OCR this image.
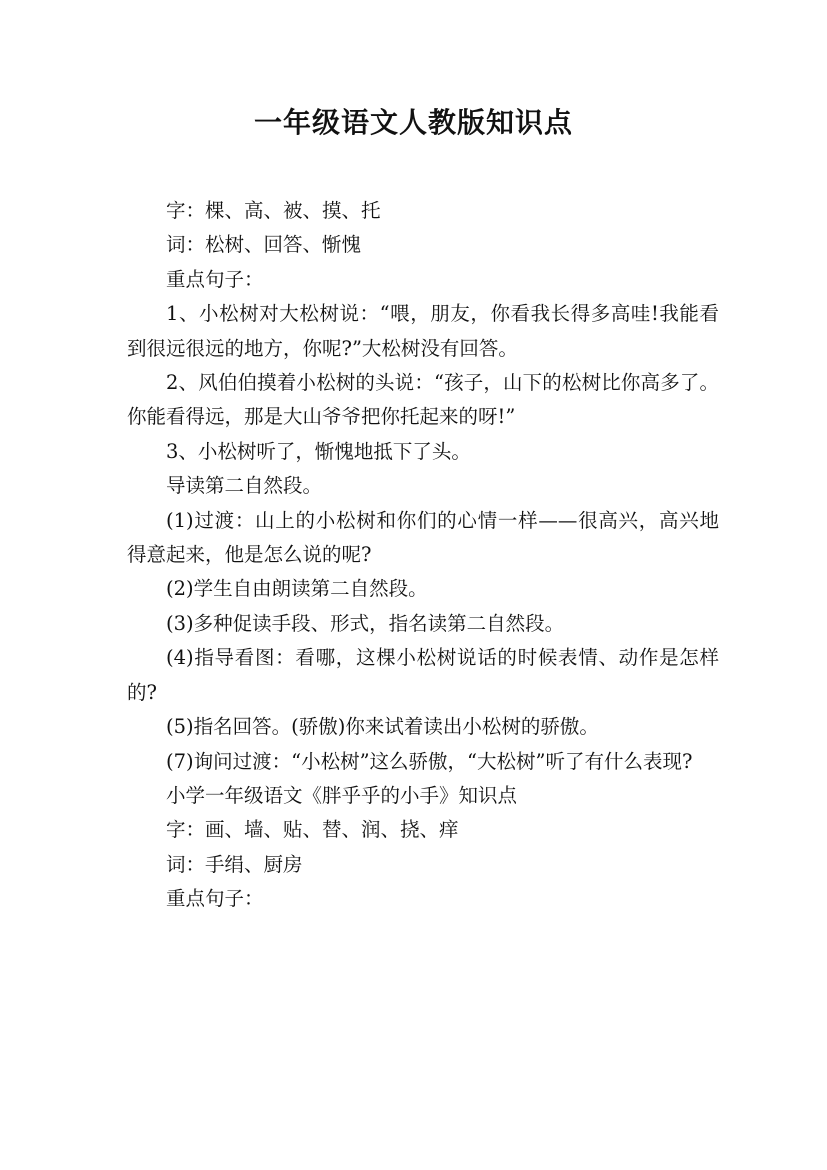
一年级语文人教版知识点

字：棵、高、被、摸、托

词：松树、回答、惭愧

重点句子：

1、小松树对大松树说：“喂，朋友，你看我长得多高哇!我能看到很远很远的地方，你呢?”大松树没有回答。

2、风伯伯摸着小松树的头说：“孩子，山下的松树比你高多了。你能看得远，那是大山爷爷把你托起来的呀!”

3、小松树听了，惭愧地抵下了头。

导读第二自然段。

(1)过渡：山上的小松树和你们的心情一样——很高兴，高兴地得意起来，他是怎么说的呢?

(2)学生自由朗读第二自然段。

(3)多种促读手段、形式，指名读第二自然段。

(4)指导看图：看哪，这棵小松树说话的时候表情、动作是怎样的?

(5)指名回答。(骄傲)你来试着读出小松树的骄傲。

(7)询问过渡：“小松树”这么骄傲，“大松树”听了有什么表现?

小学一年级语文《胖乎乎的小手》知识点

字：画、墙、贴、替、润、挠、痒

词：手绢、厨房

重点句子：
